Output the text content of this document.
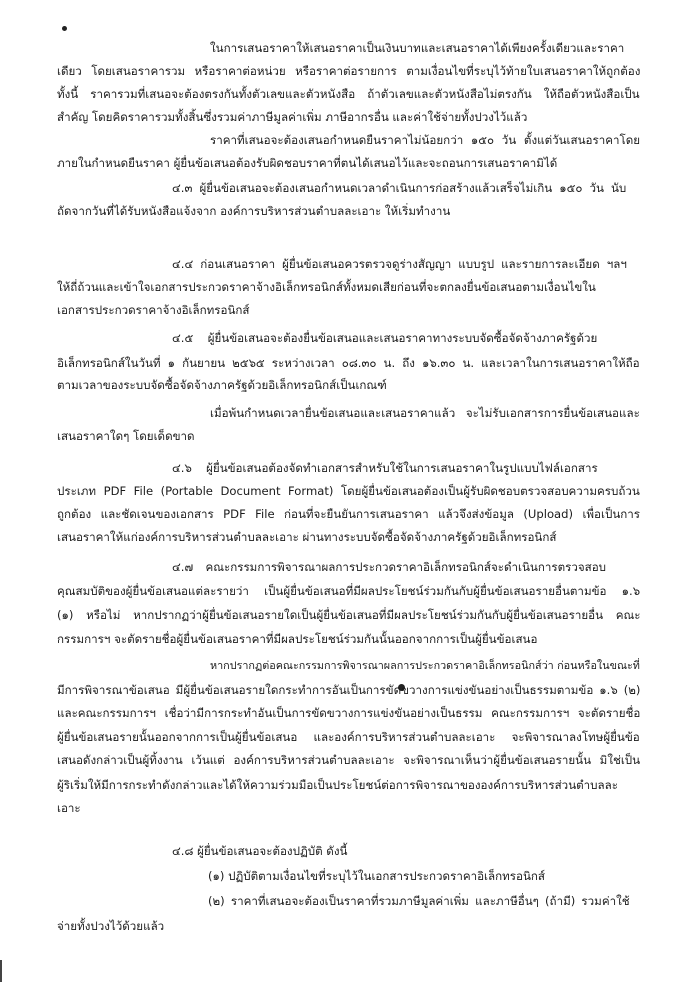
ในการเสนอราคาให้เสนอราคาเป็นเงินบาทและเสนอราคาได้เพียงครั้งเดียวและราคา
เดียว โดยเสนอราคารวม หรือราคาต่อหน่วย หรือราคาต่อรายการ ตามเงื่อนไขที่ระบุไว้ท้ายใบเสนอราคาให้ถูกต้อง
ทั้งนี้ ราคารวมที่เสนอจะต้องตรงกันทั้งตัวเลขและตัวหนังสือ ถ้าตัวเลขและตัวหนังสือไม่ตรงกัน ให้ถือตัวหนังสือเป็น
สำคัญ โดยคิดราคารวมทั้งสิ้นซึ่งรวมค่าภาษีมูลค่าเพิ่ม ภาษีอากรอื่น และค่าใช้จ่ายทั้งปวงไว้แล้ว
ราคาที่เสนอจะต้องเสนอกำหนดยืนราคาไม่น้อยกว่า ๑๕๐ วัน ตั้งแต่วันเสนอราคาโดย
ภายในกำหนดยืนราคา ผู้ยื่นข้อเสนอต้องรับผิดชอบราคาที่ตนได้เสนอไว้และจะถอนการเสนอราคามิได้
๔.๓ ผู้ยื่นข้อเสนอจะต้องเสนอกำหนดเวลาดำเนินการก่อสร้างแล้วเสร็จไม่เกิน ๑๕๐ วัน นับ
ถัดจากวันที่ได้รับหนังสือแจ้งจาก องค์การบริหารส่วนตำบลละเอาะ ให้เริ่มทำงาน
๔.๔ ก่อนเสนอราคา ผู้ยื่นข้อเสนอควรตรวจดูร่างสัญญา แบบรูป และรายการละเอียด ฯลฯ
ให้ถี่ถ้วนและเข้าใจเอกสารประกวดราคาจ้างอิเล็กทรอนิกส์ทั้งหมดเสียก่อนที่จะตกลงยื่นข้อเสนอตามเงื่อนไขใน
เอกสารประกวดราคาจ้างอิเล็กทรอนิกส์
๔.๕ ผู้ยื่นข้อเสนอจะต้องยื่นข้อเสนอและเสนอราคาทางระบบจัดซื้อจัดจ้างภาครัฐด้วย
อิเล็กทรอนิกส์ในวันที่ ๑ กันยายน ๒๕๖๕ ระหว่างเวลา ๐๘.๓๐ น. ถึง ๑๖.๓๐ น. และเวลาในการเสนอราคาให้ถือ
ตามเวลาของระบบจัดซื้อจัดจ้างภาครัฐด้วยอิเล็กทรอนิกส์เป็นเกณฑ์
เมื่อพ้นกำหนดเวลายื่นข้อเสนอและเสนอราคาแล้ว จะไม่รับเอกสารการยื่นข้อเสนอและ
เสนอราคาใดๆ โดยเด็ดขาด
๔.๖ ผู้ยื่นข้อเสนอต้องจัดทำเอกสารสำหรับใช้ในการเสนอราคาในรูปแบบไฟล์เอกสาร
ประเภท PDF File (Portable Document Format) โดยผู้ยื่นข้อเสนอต้องเป็นผู้รับผิดชอบตรวจสอบความครบถ้วน
ถูกต้อง และชัดเจนของเอกสาร PDF File ก่อนที่จะยืนยันการเสนอราคา แล้วจึงส่งข้อมูล (Upload) เพื่อเป็นการ
เสนอราคาให้แก่องค์การบริหารส่วนตำบลละเอาะ ผ่านทางระบบจัดซื้อจัดจ้างภาครัฐด้วยอิเล็กทรอนิกส์
๔.๗ คณะกรรมการพิจารณาผลการประกวดราคาอิเล็กทรอนิกส์จะดำเนินการตรวจสอบ
คุณสมบัติของผู้ยื่นข้อเสนอแต่ละรายว่า เป็นผู้ยื่นข้อเสนอที่มีผลประโยชน์ร่วมกันกับผู้ยื่นข้อเสนอรายอื่นตามข้อ ๑.๖
(๑) หรือไม่ หากปรากฏว่าผู้ยื่นข้อเสนอรายใดเป็นผู้ยื่นข้อเสนอที่มีผลประโยชน์ร่วมกันกับผู้ยื่นข้อเสนอรายอื่น คณะ
กรรมการฯ จะตัดรายชื่อผู้ยื่นข้อเสนอราคาที่มีผลประโยชน์ร่วมกันนั้นออกจากการเป็นผู้ยื่นข้อเสนอ
หากปรากฏต่อคณะกรรมการพิจารณาผลการประกวดราคาอิเล็กทรอนิกส์ว่า ก่อนหรือในขณะที่
มีการพิจารณาข้อเสนอ มีผู้ยื่นข้อเสนอรายใดกระทำการอันเป็นการขัดขวางการแข่งขันอย่างเป็นธรรมตามข้อ ๑.๖ (๒)
และคณะกรรมการฯ เชื่อว่ามีการกระทำอันเป็นการขัดขวางการแข่งขันอย่างเป็นธรรม คณะกรรมการฯ จะตัดรายชื่อ
ผู้ยื่นข้อเสนอรายนั้นออกจากการเป็นผู้ยื่นข้อเสนอ และองค์การบริหารส่วนตำบลละเอาะ จะพิจารณาลงโทษผู้ยื่นข้อ
เสนอดังกล่าวเป็นผู้ทิ้งงาน เว้นแต่ องค์การบริหารส่วนตำบลละเอาะ จะพิจารณาเห็นว่าผู้ยื่นข้อเสนอรายนั้น มิใช่เป็น
ผู้ริเริ่มให้มีการกระทำดังกล่าวและได้ให้ความร่วมมือเป็นประโยชน์ต่อการพิจารณาขององค์การบริหารส่วนตำบลละ
เอาะ
๔.๘ ผู้ยื่นข้อเสนอจะต้องปฏิบัติ ดังนี้
(๑) ปฏิบัติตามเงื่อนไขที่ระบุไว้ในเอกสารประกวดราคาอิเล็กทรอนิกส์
(๒) ราคาที่เสนอจะต้องเป็นราคาที่รวมภาษีมูลค่าเพิ่ม และภาษีอื่นๆ (ถ้ามี) รวมค่าใช้
จ่ายทั้งปวงไว้ด้วยแล้ว
